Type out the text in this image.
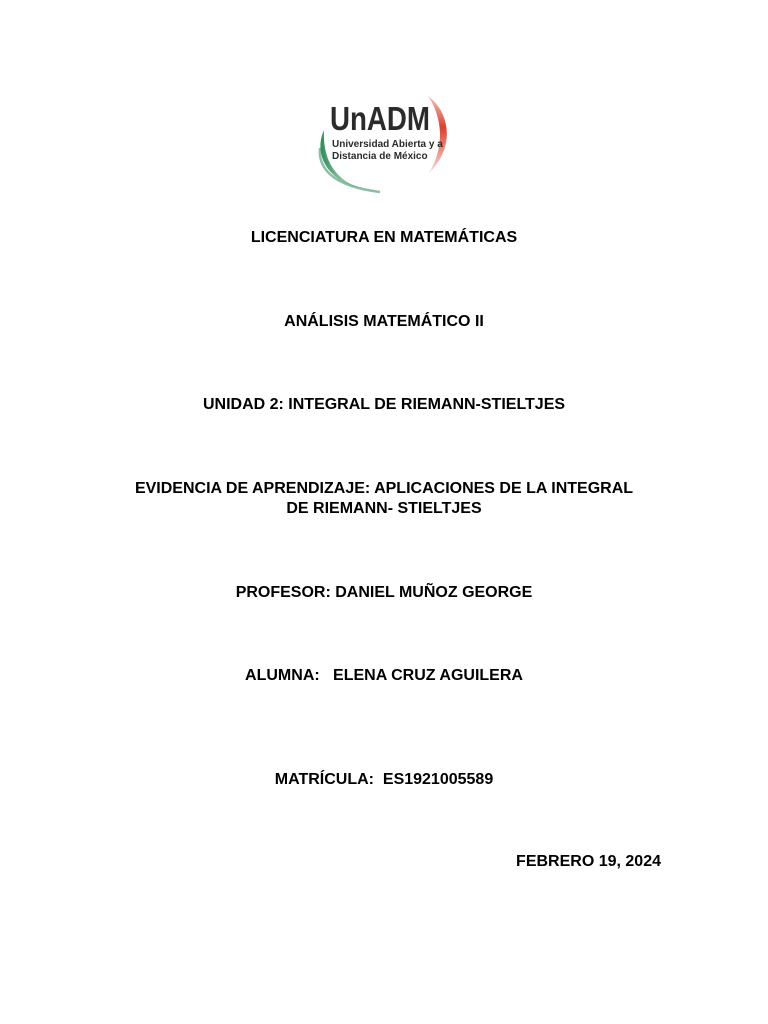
UnADM
Universidad Abierta y a
Distancia de México
LICENCIATURA EN MATEMÁTICAS
ANÁLISIS MATEMÁTICO II
UNIDAD 2: INTEGRAL DE RIEMANN-STIELTJES
EVIDENCIA DE APRENDIZAJE: APLICACIONES DE LA INTEGRAL
DE RIEMANN- STIELTJES
PROFESOR: DANIEL MUÑOZ GEORGE
ALUMNA:   ELENA CRUZ AGUILERA
MATRÍCULA:  ES1921005589
FEBRERO 19, 2024
